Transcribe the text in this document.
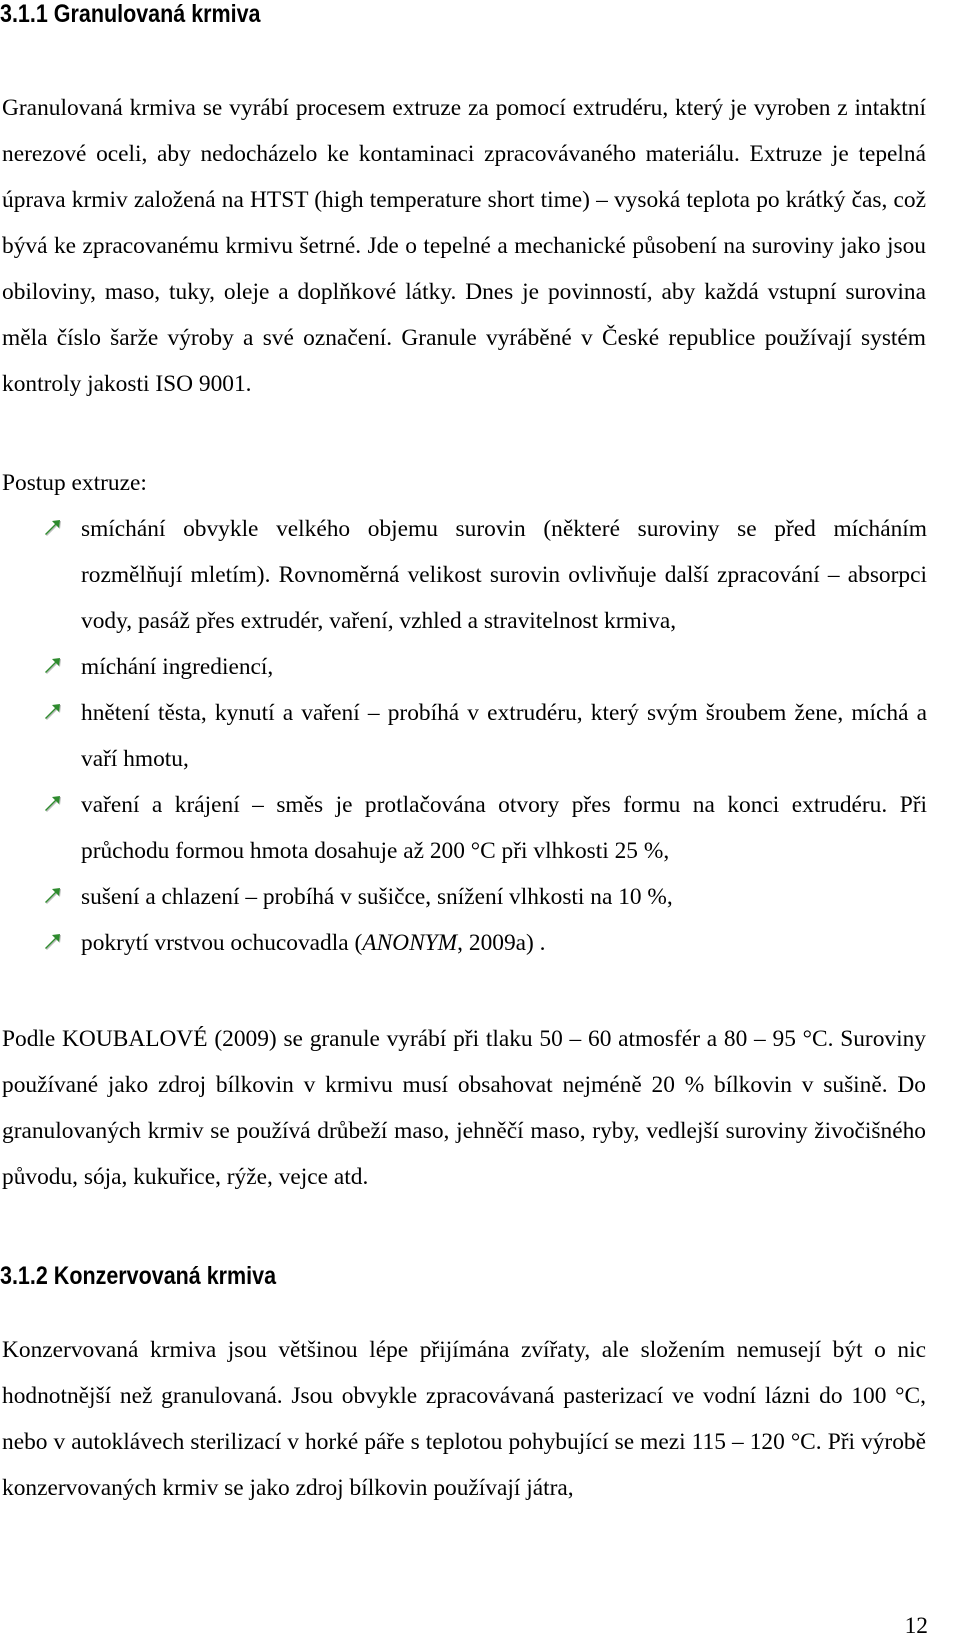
3.1.1 Granulovaná krmiva

Granulovaná krmiva se vyrábí procesem extruze za pomocí extrudéru, který je vyroben z intaktní nerezové oceli, aby nedocházelo ke kontaminaci zpracovávaného materiálu. Extruze je tepelná úprava krmiv založená na HTST (high temperature short time) – vysoká teplota po krátký čas, což bývá ke zpracovanému krmivu šetrné. Jde o tepelné a mechanické působení na suroviny jako jsou obiloviny, maso, tuky, oleje a doplňkové látky. Dnes je povinností, aby každá vstupní surovina měla číslo šarže výroby a své označení. Granule vyráběné v České republice používají systém kontroly jakosti ISO 9001.

Postup extruze:

smíchání obvykle velkého objemu surovin (některé suroviny se před mícháním rozmělňují mletím). Rovnoměrná velikost surovin ovlivňuje další zpracování – absorpci vody, pasáž přes extrudér, vaření, vzhled a stravitelnost krmiva,
míchání ingrediencí,
hnětení těsta, kynutí a vaření – probíhá v extrudéru, který svým šroubem žene, míchá a vaří hmotu,
vaření a krájení – směs je protlačována otvory přes formu na konci extrudéru. Při průchodu formou hmota dosahuje až 200 °C při vlhkosti 25 %,
sušení a chlazení – probíhá v sušičce, snížení vlhkosti na 10 %,
pokrytí vrstvou ochucovadla (ANONYM, 2009a) .

Podle KOUBALOVÉ (2009) se granule vyrábí při tlaku 50 – 60 atmosfér a 80 – 95 °C. Suroviny používané jako zdroj bílkovin v krmivu musí obsahovat nejméně 20 % bílkovin v sušině. Do granulovaných krmiv se používá drůbeží maso, jehněčí maso, ryby, vedlejší suroviny živočišného původu, sója, kukuřice, rýže, vejce atd.

3.1.2 Konzervovaná krmiva

Konzervovaná krmiva jsou většinou lépe přijímána zvířaty, ale složením nemusejí být o nic hodnotnější než granulovaná. Jsou obvykle zpracovávaná pasterizací ve vodní lázni do 100 °C, nebo v autoklávech sterilizací v horké páře s teplotou pohybující se mezi 115 – 120 °C. Při výrobě konzervovaných krmiv se jako zdroj bílkovin používají játra,

12
